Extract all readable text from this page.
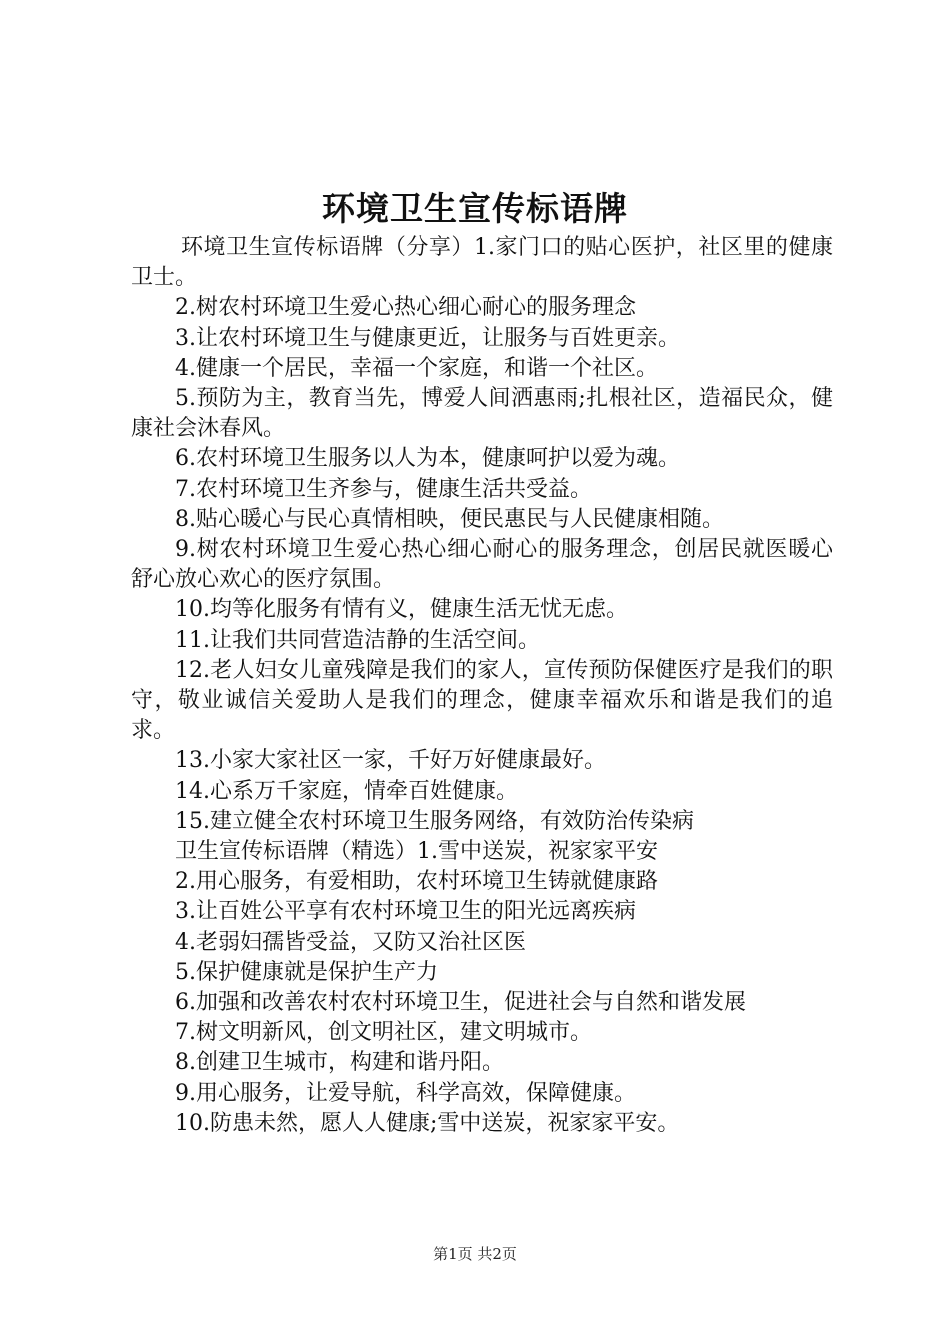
环境卫生宣传标语牌

环境卫生宣传标语牌（分享）1.家门口的贴心医护，社区里的健康卫士。

2.树农村环境卫生爱心热心细心耐心的服务理念

3.让农村环境卫生与健康更近，让服务与百姓更亲。

4.健康一个居民，幸福一个家庭，和谐一个社区。

5.预防为主，教育当先，博爱人间洒惠雨;扎根社区，造福民众，健康社会沐春风。

6.农村环境卫生服务以人为本，健康呵护以爱为魂。

7.农村环境卫生齐参与，健康生活共受益。

8.贴心暖心与民心真情相映，便民惠民与人民健康相随。

9.树农村环境卫生爱心热心细心耐心的服务理念，创居民就医暖心舒心放心欢心的医疗氛围。

10.均等化服务有情有义，健康生活无忧无虑。

11.让我们共同营造洁静的生活空间。

12.老人妇女儿童残障是我们的家人，宣传预防保健医疗是我们的职守，敬业诚信关爱助人是我们的理念，健康幸福欢乐和谐是我们的追求。

13.小家大家社区一家，千好万好健康最好。

14.心系万千家庭，情牵百姓健康。

15.建立健全农村环境卫生服务网络，有效防治传染病

卫生宣传标语牌（精选）1.雪中送炭，祝家家平安

2.用心服务，有爱相助，农村环境卫生铸就健康路

3.让百姓公平享有农村环境卫生的阳光远离疾病

4.老弱妇孺皆受益，又防又治社区医

5.保护健康就是保护生产力

6.加强和改善农村农村环境卫生，促进社会与自然和谐发展

7.树文明新风，创文明社区，建文明城市。

8.创建卫生城市，构建和谐丹阳。

9.用心服务，让爱导航，科学高效，保障健康。

10.防患未然，愿人人健康;雪中送炭，祝家家平安。

第1页 共2页
